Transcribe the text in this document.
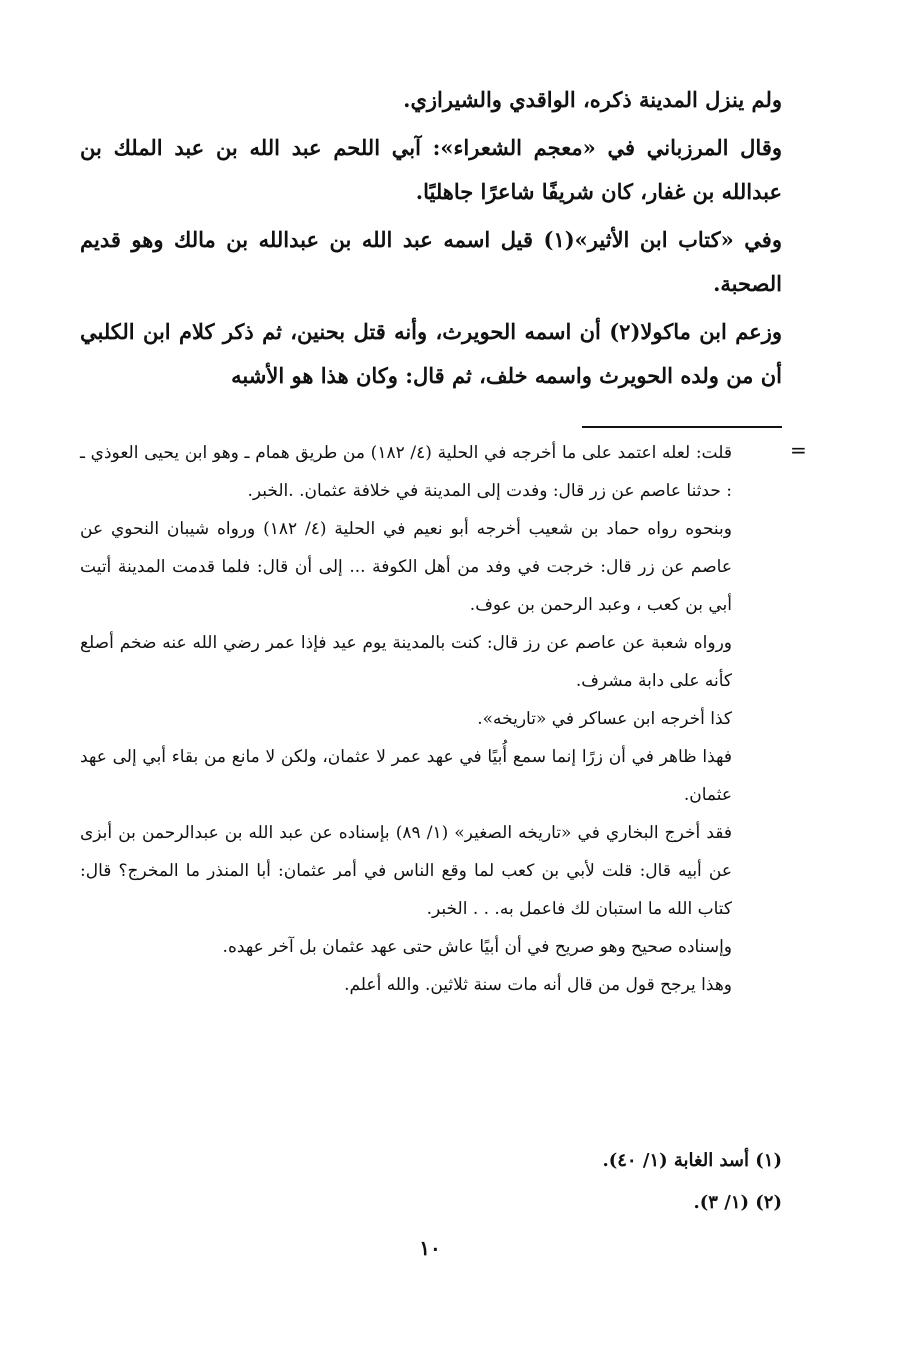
ولم ينزل المدينة ذكره، الواقدي والشيرازي.

وقال المرزباني في «معجم الشعراء»: آبي اللحم عبد الله بن عبد الملك بن عبدالله بن غفار، كان شريفًا شاعرًا جاهليًا.

وفي «كتاب ابن الأثير»(١) قيل اسمه عبد الله بن عبدالله بن مالك وهو قديم الصحبة.

وزعم ابن ماكولا(٢) أن اسمه الحويرث، وأنه قتل بحنين، ثم ذكر كلام ابن الكلبي أن من ولده الحويرث واسمه خلف، ثم قال: وكان هذا هو الأشبه

=

قلت: لعله اعتمد على ما أخرجه في الحلية (٤/ ١٨٢) من طريق همام ـ وهو ابن يحيى العوذي ـ : حدثنا عاصم عن زر قال: وفدت إلى المدينة في خلافة عثمان. .الخبر.

وبنحوه رواه حماد بن شعيب أخرجه أبو نعيم في الحلية (٤/ ١٨٢) ورواه شيبان النحوي عن عاصم عن زر قال: خرجت في وفد من أهل الكوفة ... إلى أن قال: فلما قدمت المدينة أتيت أبي بن كعب ، وعبد الرحمن بن عوف.

ورواه شعبة عن عاصم عن رز قال: كنت بالمدينة يوم عيد فإذا عمر رضي الله عنه ضخم أصلع كأنه على دابة مشرف.

كذا أخرجه ابن عساكر في «تاريخه».

فهذا ظاهر في أن زرًا إنما سمع أُبيًا في عهد عمر لا عثمان، ولكن لا مانع من بقاء أبي إلى عهد عثمان.

فقد أخرج البخاري في «تاريخه الصغير» (١/ ٨٩) بإسناده عن عبد الله بن عبدالرحمن بن أبزى عن أبيه قال: قلت لأبي بن كعب لما وقع الناس في أمر عثمان: أبا المنذر ما المخرج؟ قال: كتاب الله ما استبان لك فاعمل به. . . الخبر.

وإسناده صحيح وهو صريح في أن أبيًا عاش حتى عهد عثمان بل آخر عهده.

وهذا يرجح قول من قال أنه مات سنة ثلاثين. والله أعلم.

(١) أسد الغابة (١/ ٤٠).

(٢) (١/ ٣).

١٠
